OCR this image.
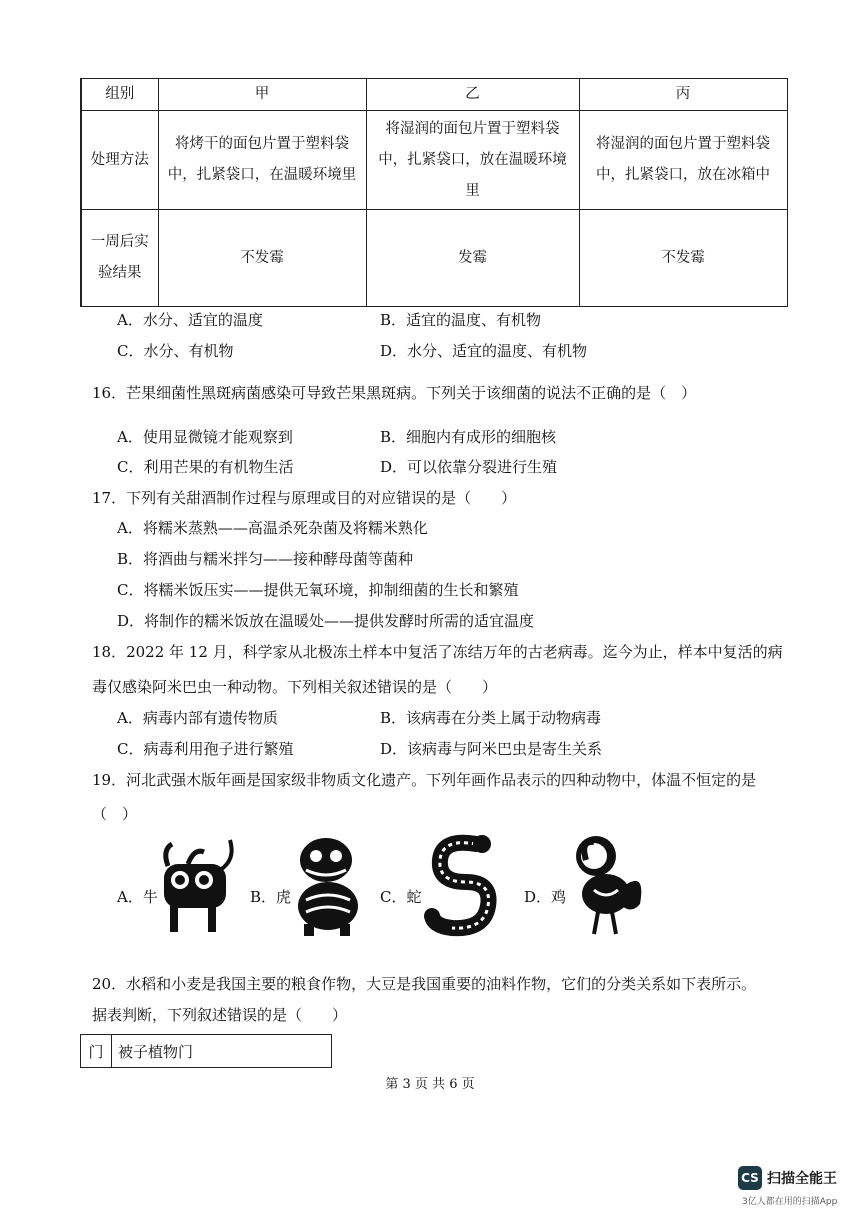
组别	甲	乙	丙
处理方法	将烤干的面包片置于塑料袋中，扎紧袋口，在温暖环境里	将湿润的面包片置于塑料袋中，扎紧袋口，放在温暖环境里	将湿润的面包片置于塑料袋中，扎紧袋口，放在冰箱中
一周后实验结果	不发霉	发霉	不发霉
A．水分、适宜的温度	B．适宜的温度、有机物
C．水分、有机物	D．水分、适宜的温度、有机物
16．芒果细菌性黑斑病菌感染可导致芒果黑斑病。下列关于该细菌的说法不正确的是（　）
A．使用显微镜才能观察到	B．细胞内有成形的细胞核
C．利用芒果的有机物生活	D．可以依靠分裂进行生殖
17．下列有关甜酒制作过程与原理或目的对应错误的是（　　）
A．将糯米蒸熟——高温杀死杂菌及将糯米熟化
B．将酒曲与糯米拌匀——接种酵母菌等菌种
C．将糯米饭压实——提供无氧环境，抑制细菌的生长和繁殖
D．将制作的糯米饭放在温暖处——提供发酵时所需的适宜温度
18．2022 年 12 月，科学家从北极冻土样本中复活了冻结万年的古老病毒。迄今为止，样本中复活的病
毒仅感染阿米巴虫一种动物。下列相关叙述错误的是（　　）
A．病毒内部有遗传物质	B．该病毒在分类上属于动物病毒
C．病毒利用孢子进行繁殖	D．该病毒与阿米巴虫是寄生关系
19．河北武强木版年画是国家级非物质文化遗产。下列年画作品表示的四种动物中，体温不恒定的是
（　）
A．牛	B．虎	C．蛇	D．鸡
20．水稻和小麦是我国主要的粮食作物，大豆是我国重要的油料作物，它们的分类关系如下表所示。
据表判断，下列叙述错误的是（　　）
门	被子植物门
第 3 页 共 6 页
CS 扫描全能王
3亿人都在用的扫描App
